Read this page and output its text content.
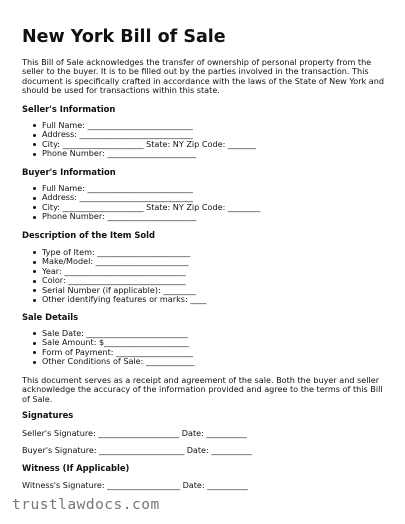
New York Bill of Sale

This Bill of Sale acknowledges the transfer of ownership of personal property from the seller to the buyer. It is to be filled out by the parties involved in the transaction. This document is specifically crafted in accordance with the laws of the State of New York and should be used for transactions within this state.

Seller's Information
Full Name: __________________________
Address: ____________________________
City: ____________________ State: NY Zip Code: _______
Phone Number: ______________________
Buyer's Information
Full Name: __________________________
Address: ____________________________
City: ____________________ State: NY Zip Code: ________
Phone Number: ______________________
Description of the Item Sold
Type of Item: _______________________
Make/Model: _______________________
Year: ______________________________
Color: _____________________________
Serial Number (if applicable): ________
Other identifying features or marks: ____
Sale Details
Sale Date: _________________________
Sale Amount: $_____________________
Form of Payment: ___________________
Other Conditions of Sale: ____________

This document serves as a receipt and agreement of the sale. Both the buyer and seller acknowledge the accuracy of the information provided and agree to the terms of this Bill of Sale.

Signatures
Seller's Signature: ____________________ Date: __________
Buyer's Signature: _____________________ Date: __________
Witness (If Applicable)
Witness's Signature: __________________ Date: __________
trustlawdocs.com
